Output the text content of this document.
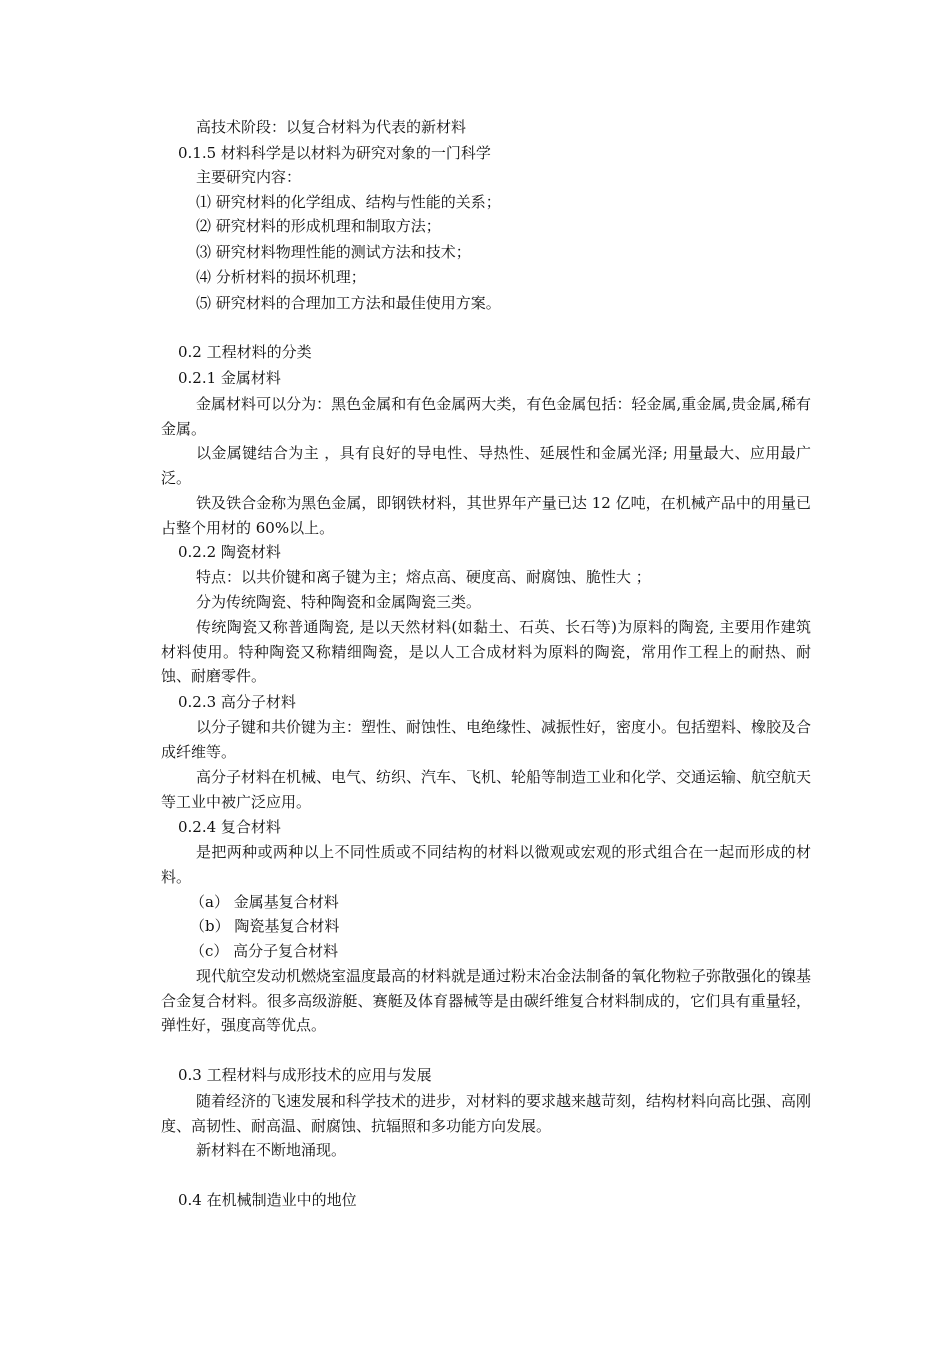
高技术阶段：以复合材料为代表的新材料
0.1.5 材料科学是以材料为研究对象的一门科学
主要研究内容：
⑴ 研究材料的化学组成、结构与性能的关系；
⑵ 研究材料的形成机理和制取方法；
⑶ 研究材料物理性能的测试方法和技术；
⑷ 分析材料的损坏机理；
⑸ 研究材料的合理加工方法和最佳使用方案。
0.2 工程材料的分类
0.2.1 金属材料
金属材料可以分为：黑色金属和有色金属两大类，有色金属包括：轻金属,重金属,贵金属,稀有金属。
以金属键结合为主 ，具有良好的导电性、导热性、延展性和金属光泽; 用量最大、应用最广泛。
铁及铁合金称为黑色金属，即钢铁材料，其世界年产量已达 12 亿吨，在机械产品中的用量已占整个用材的 60%以上。
0.2.2 陶瓷材料
特点：以共价键和离子键为主；熔点高、硬度高、耐腐蚀、脆性大 ；
分为传统陶瓷、特种陶瓷和金属陶瓷三类。
传统陶瓷又称普通陶瓷, 是以天然材料(如黏土、石英、长石等)为原料的陶瓷, 主要用作建筑材料使用。特种陶瓷又称精细陶瓷，是以人工合成材料为原料的陶瓷，常用作工程上的耐热、耐蚀、耐磨零件。
0.2.3 高分子材料
以分子键和共价键为主：塑性、耐蚀性、电绝缘性、减振性好，密度小。包括塑料、橡胶及合成纤维等。
高分子材料在机械、电气、纺织、汽车、飞机、轮船等制造工业和化学、交通运输、航空航天等工业中被广泛应用。
0.2.4 复合材料
是把两种或两种以上不同性质或不同结构的材料以微观或宏观的形式组合在一起而形成的材料。
（a） 金属基复合材料
（b） 陶瓷基复合材料
（c） 高分子复合材料
现代航空发动机燃烧室温度最高的材料就是通过粉末冶金法制备的氧化物粒子弥散强化的镍基合金复合材料。很多高级游艇、赛艇及体育器械等是由碳纤维复合材料制成的，它们具有重量轻，弹性好，强度高等优点。
0.3 工程材料与成形技术的应用与发展
随着经济的飞速发展和科学技术的进步，对材料的要求越来越苛刻，结构材料向高比强、高刚度、高韧性、耐高温、耐腐蚀、抗辐照和多功能方向发展。
新材料在不断地涌现。
0.4 在机械制造业中的地位
